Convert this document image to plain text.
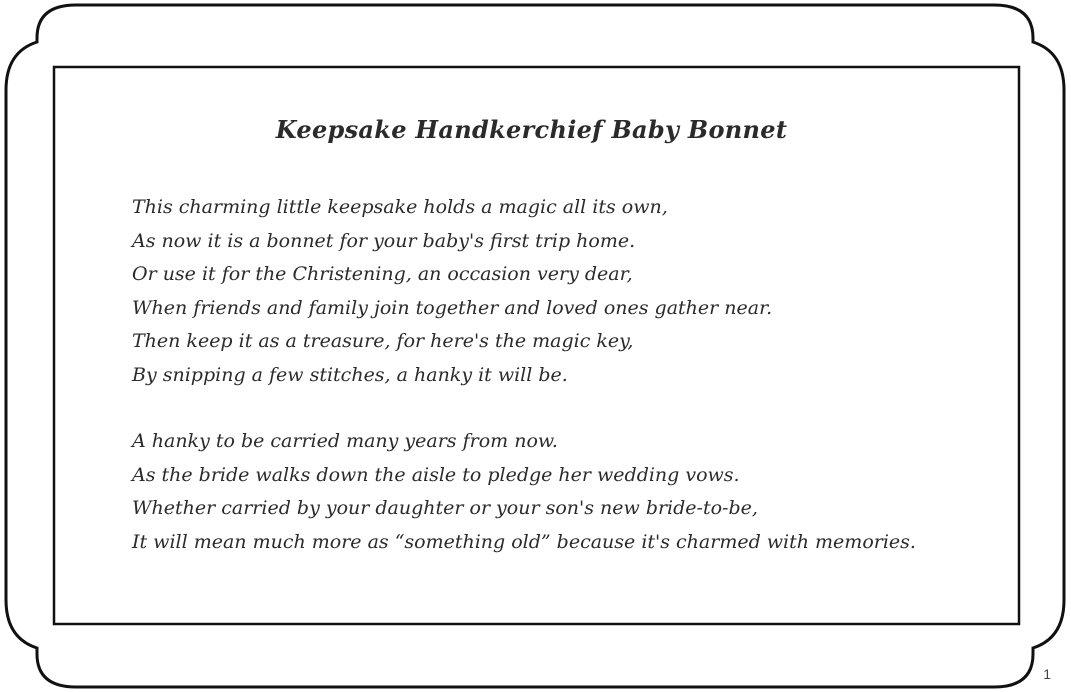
Keepsake Handkerchief Baby Bonnet
This charming little keepsake holds a magic all its own,
As now it is a bonnet for your baby's first trip home.
Or use it for the Christening, an occasion very dear,
When friends and family join together and loved ones gather near.
Then keep it as a treasure, for here's the magic key,
By snipping a few stitches, a hanky it will be.
A hanky to be carried many years from now.
As the bride walks down the aisle to pledge her wedding vows.
Whether carried by your daughter or your son's new bride-to-be,
It will mean much more as “something old” because it's charmed with memories.
1
